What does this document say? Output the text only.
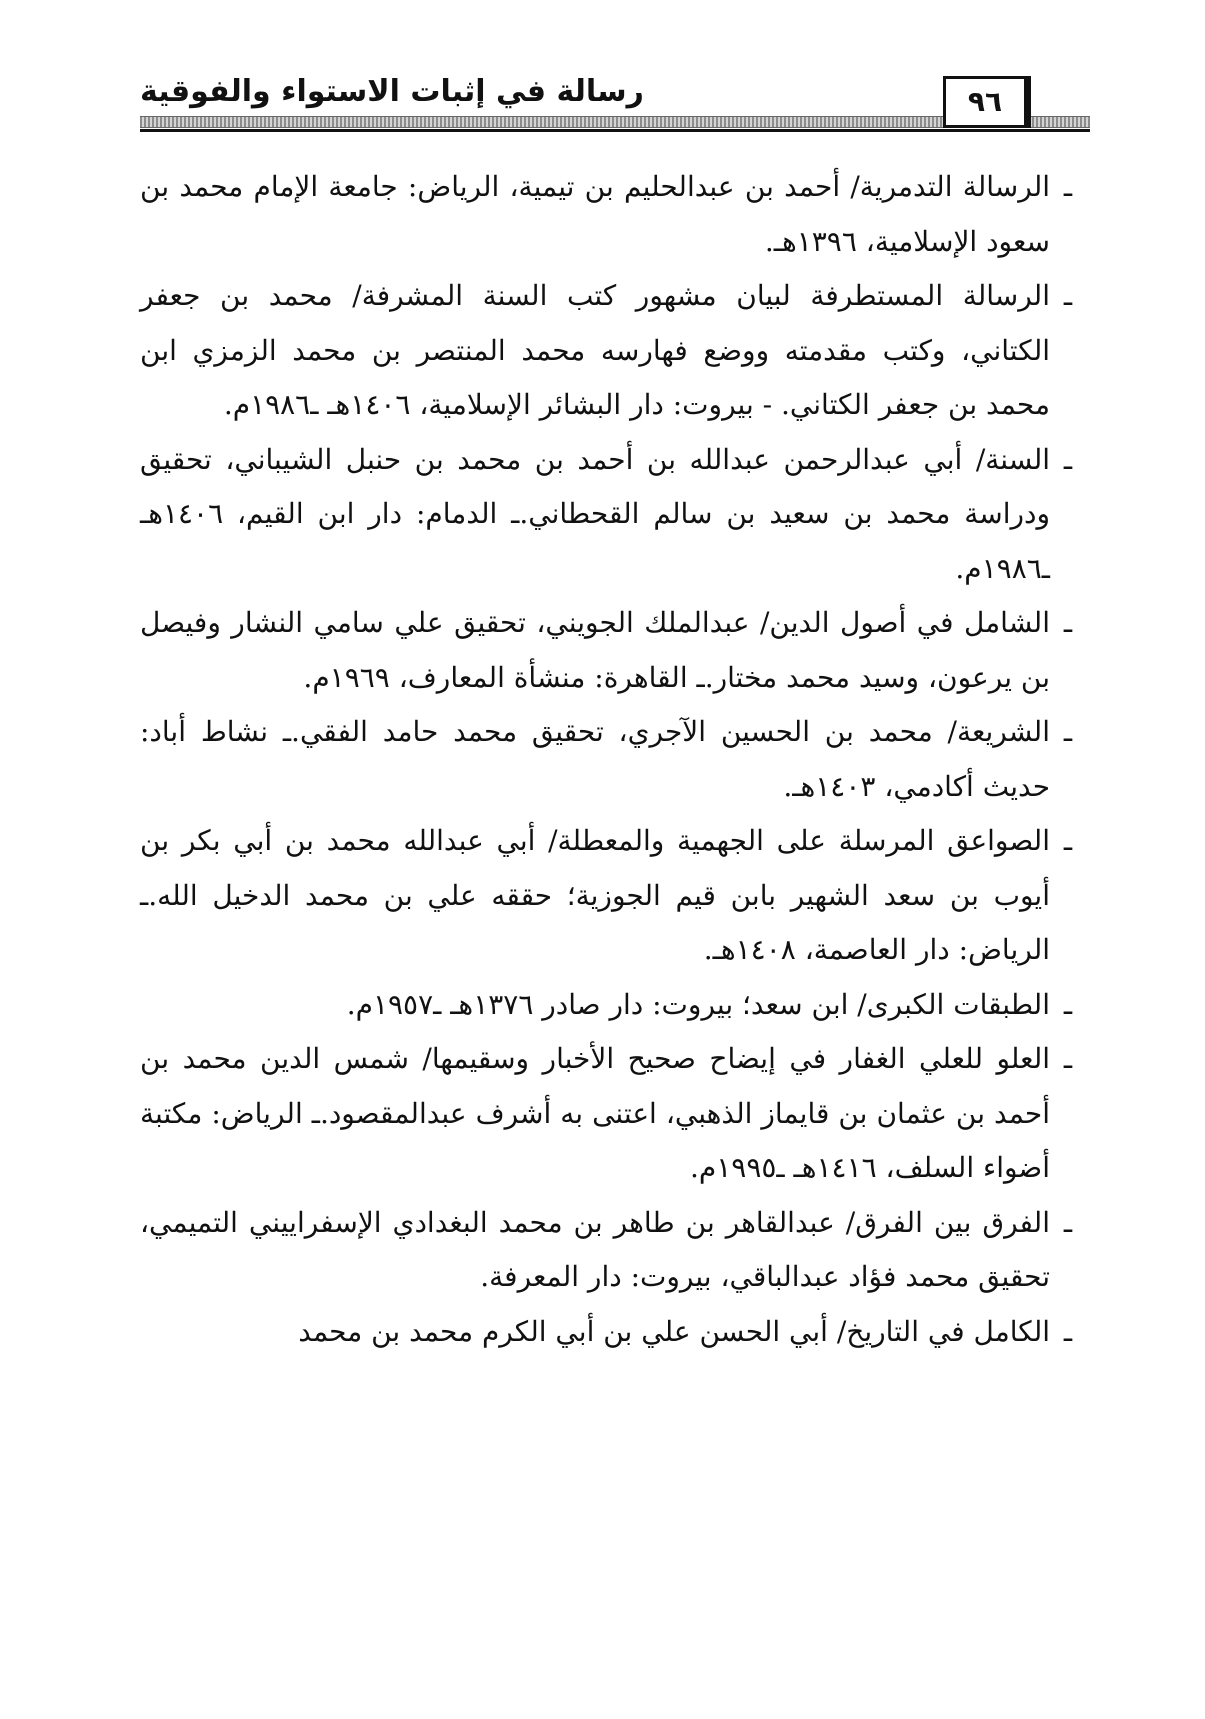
رسالة في إثبات الاستواء والفوقية	٩٦

ـ
الرسالة التدمرية/ أحمد بن عبدالحليم بن تيمية، الرياض: جامعة الإمام محمد بن سعود الإسلامية، ١٣٩٦هـ.

ـ
الرسالة المستطرفة لبيان مشهور كتب السنة المشرفة/ محمد بن جعفر الكتاني، وكتب مقدمته ووضع فهارسه محمد المنتصر بن محمد الزمزي ابن محمد بن جعفر الكتاني. - بيروت: دار البشائر الإسلامية، ١٤٠٦هـ ـ١٩٨٦م.

ـ
السنة/ أبي عبدالرحمن عبدالله بن أحمد بن محمد بن حنبل الشيباني، تحقيق ودراسة محمد بن سعيد بن سالم القحطاني.ـ الدمام: دار ابن القيم، ١٤٠٦هـ ـ١٩٨٦م.

ـ
الشامل في أصول الدين/ عبدالملك الجويني، تحقيق علي سامي النشار وفيصل بن يرعون، وسيد محمد مختار.ـ القاهرة: منشأة المعارف، ١٩٦٩م.

ـ
الشريعة/ محمد بن الحسين الآجري، تحقيق محمد حامد الفقي.ـ نشاط أباد: حديث أكادمي، ١٤٠٣هـ.

ـ
الصواعق المرسلة على الجهمية والمعطلة/ أبي عبدالله محمد بن أبي بكر بن أيوب بن سعد الشهير بابن قيم الجوزية؛ حققه علي بن محمد الدخيل الله.ـ الرياض: دار العاصمة، ١٤٠٨هـ.

ـ
الطبقات الكبرى/ ابن سعد؛ بيروت: دار صادر ١٣٧٦هـ ـ١٩٥٧م.

ـ
العلو للعلي الغفار في إيضاح صحيح الأخبار وسقيمها/ شمس الدين محمد بن أحمد بن عثمان بن قايماز الذهبي، اعتنى به أشرف عبدالمقصود.ـ الرياض: مكتبة أضواء السلف، ١٤١٦هـ ـ١٩٩٥م.

ـ
الفرق بين الفرق/ عبدالقاهر بن طاهر بن محمد البغدادي الإسفراييني التميمي، تحقيق محمد فؤاد عبدالباقي، بيروت: دار المعرفة.

ـ
الكامل في التاريخ/ أبي الحسن علي بن أبي الكرم محمد بن محمد
